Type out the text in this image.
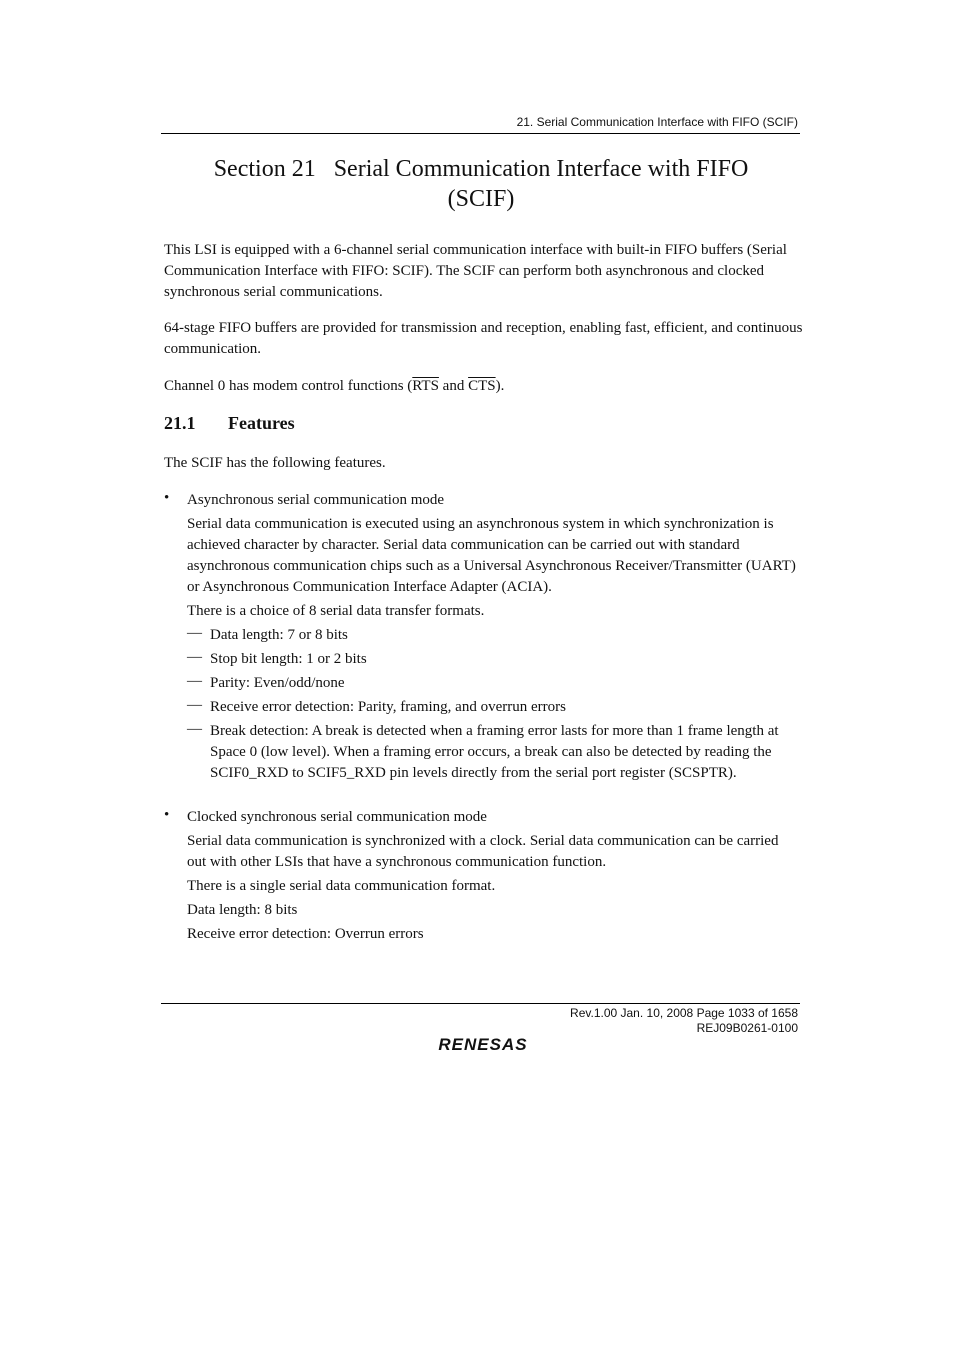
21. Serial Communication Interface with FIFO (SCIF)
Section 21 Serial Communication Interface with FIFO
(SCIF)
This LSI is equipped with a 6-channel serial communication interface with built-in FIFO buffers (Serial Communication Interface with FIFO: SCIF). The SCIF can perform both asynchronous and clocked synchronous serial communications.
64-stage FIFO buffers are provided for transmission and reception, enabling fast, efficient, and continuous communication.
Channel 0 has modem control functions ($\overline{RTS}$ and $\overline{CTS}$).
21.1 Features
The SCIF has the following features.
• Asynchronous serial communication mode
Serial data communication is executed using an asynchronous system in which synchronization is achieved character by character. Serial data communication can be carried out with standard asynchronous communication chips such as a Universal Asynchronous Receiver/Transmitter (UART) or Asynchronous Communication Interface Adapter (ACIA).
There is a choice of 8 serial data transfer formats.
— Data length: 7 or 8 bits
— Stop bit length: 1 or 2 bits
— Parity: Even/odd/none
— Receive error detection: Parity, framing, and overrun errors
— Break detection: A break is detected when a framing error lasts for more than 1 frame length at Space 0 (low level). When a framing error occurs, a break can also be detected by reading the SCIF0_RXD to SCIF5_RXD pin levels directly from the serial port register (SCSPTR).
• Clocked synchronous serial communication mode
Serial data communication is synchronized with a clock. Serial data communication can be carried out with other LSIs that have a synchronous communication function.
There is a single serial data communication format.
Data length: 8 bits
Receive error detection: Overrun errors
Rev.1.00 Jan. 10, 2008 Page 1033 of 1658
REJ09B0261-0100
RENESAS
